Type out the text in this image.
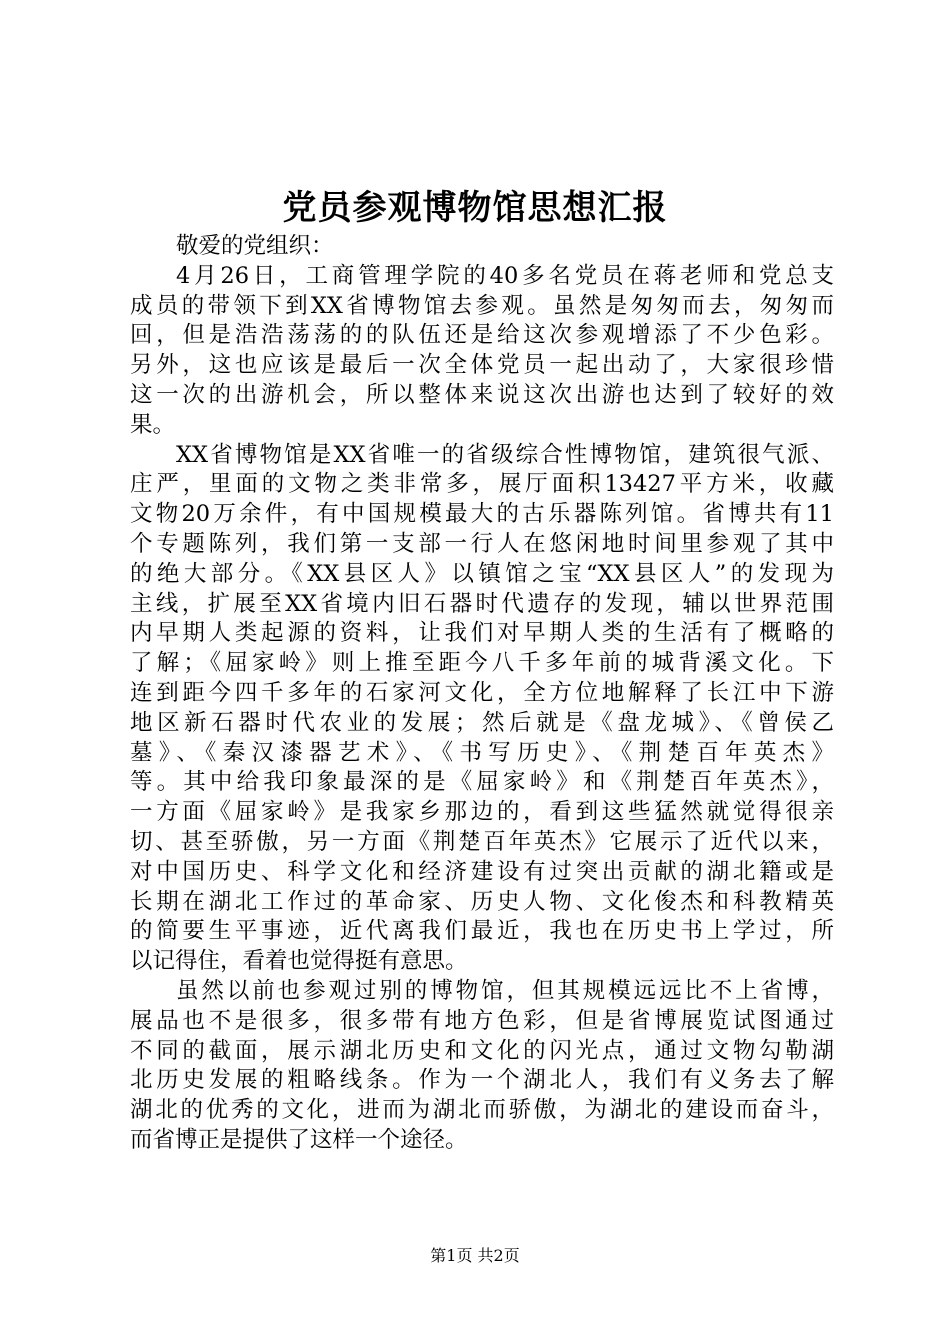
党员参观博物馆思想汇报
敬爱的党组织：
4月26日，工商管理学院的40多名党员在蒋老师和党总支
成员的带领下到XX省博物馆去参观。虽然是匆匆而去，匆匆而
回，但是浩浩荡荡的的队伍还是给这次参观增添了不少色彩。
另外，这也应该是最后一次全体党员一起出动了，大家很珍惜
这一次的出游机会，所以整体来说这次出游也达到了较好的效
果。
XX省博物馆是XX省唯一的省级综合性博物馆，建筑很气派、
庄严，里面的文物之类非常多，展厅面积13427平方米，收藏
文物20万余件，有中国规模最大的古乐器陈列馆。省博共有11
个专题陈列，我们第一支部一行人在悠闲地时间里参观了其中
的绝大部分。《XX县区人》以镇馆之宝“XX县区人”的发现为
主线，扩展至XX省境内旧石器时代遗存的发现，辅以世界范围
内早期人类起源的资料，让我们对早期人类的生活有了概略的
了解；《屈家岭》则上推至距今八千多年前的城背溪文化。下
连到距今四千多年的石家河文化，全方位地解释了长江中下游
地区新石器时代农业的发展；然后就是《盘龙城》、《曾侯乙
墓》、《秦汉漆器艺术》、《书写历史》、《荆楚百年英杰》
等。其中给我印象最深的是《屈家岭》和《荆楚百年英杰》，
一方面《屈家岭》是我家乡那边的，看到这些猛然就觉得很亲
切、甚至骄傲，另一方面《荆楚百年英杰》它展示了近代以来，
对中国历史、科学文化和经济建设有过突出贡献的湖北籍或是
长期在湖北工作过的革命家、历史人物、文化俊杰和科教精英
的简要生平事迹，近代离我们最近，我也在历史书上学过，所
以记得住，看着也觉得挺有意思。
虽然以前也参观过别的博物馆，但其规模远远比不上省博，
展品也不是很多，很多带有地方色彩，但是省博展览试图通过
不同的截面，展示湖北历史和文化的闪光点，通过文物勾勒湖
北历史发展的粗略线条。作为一个湖北人，我们有义务去了解
湖北的优秀的文化，进而为湖北而骄傲，为湖北的建设而奋斗，
而省博正是提供了这样一个途径。
第1页 共2页
